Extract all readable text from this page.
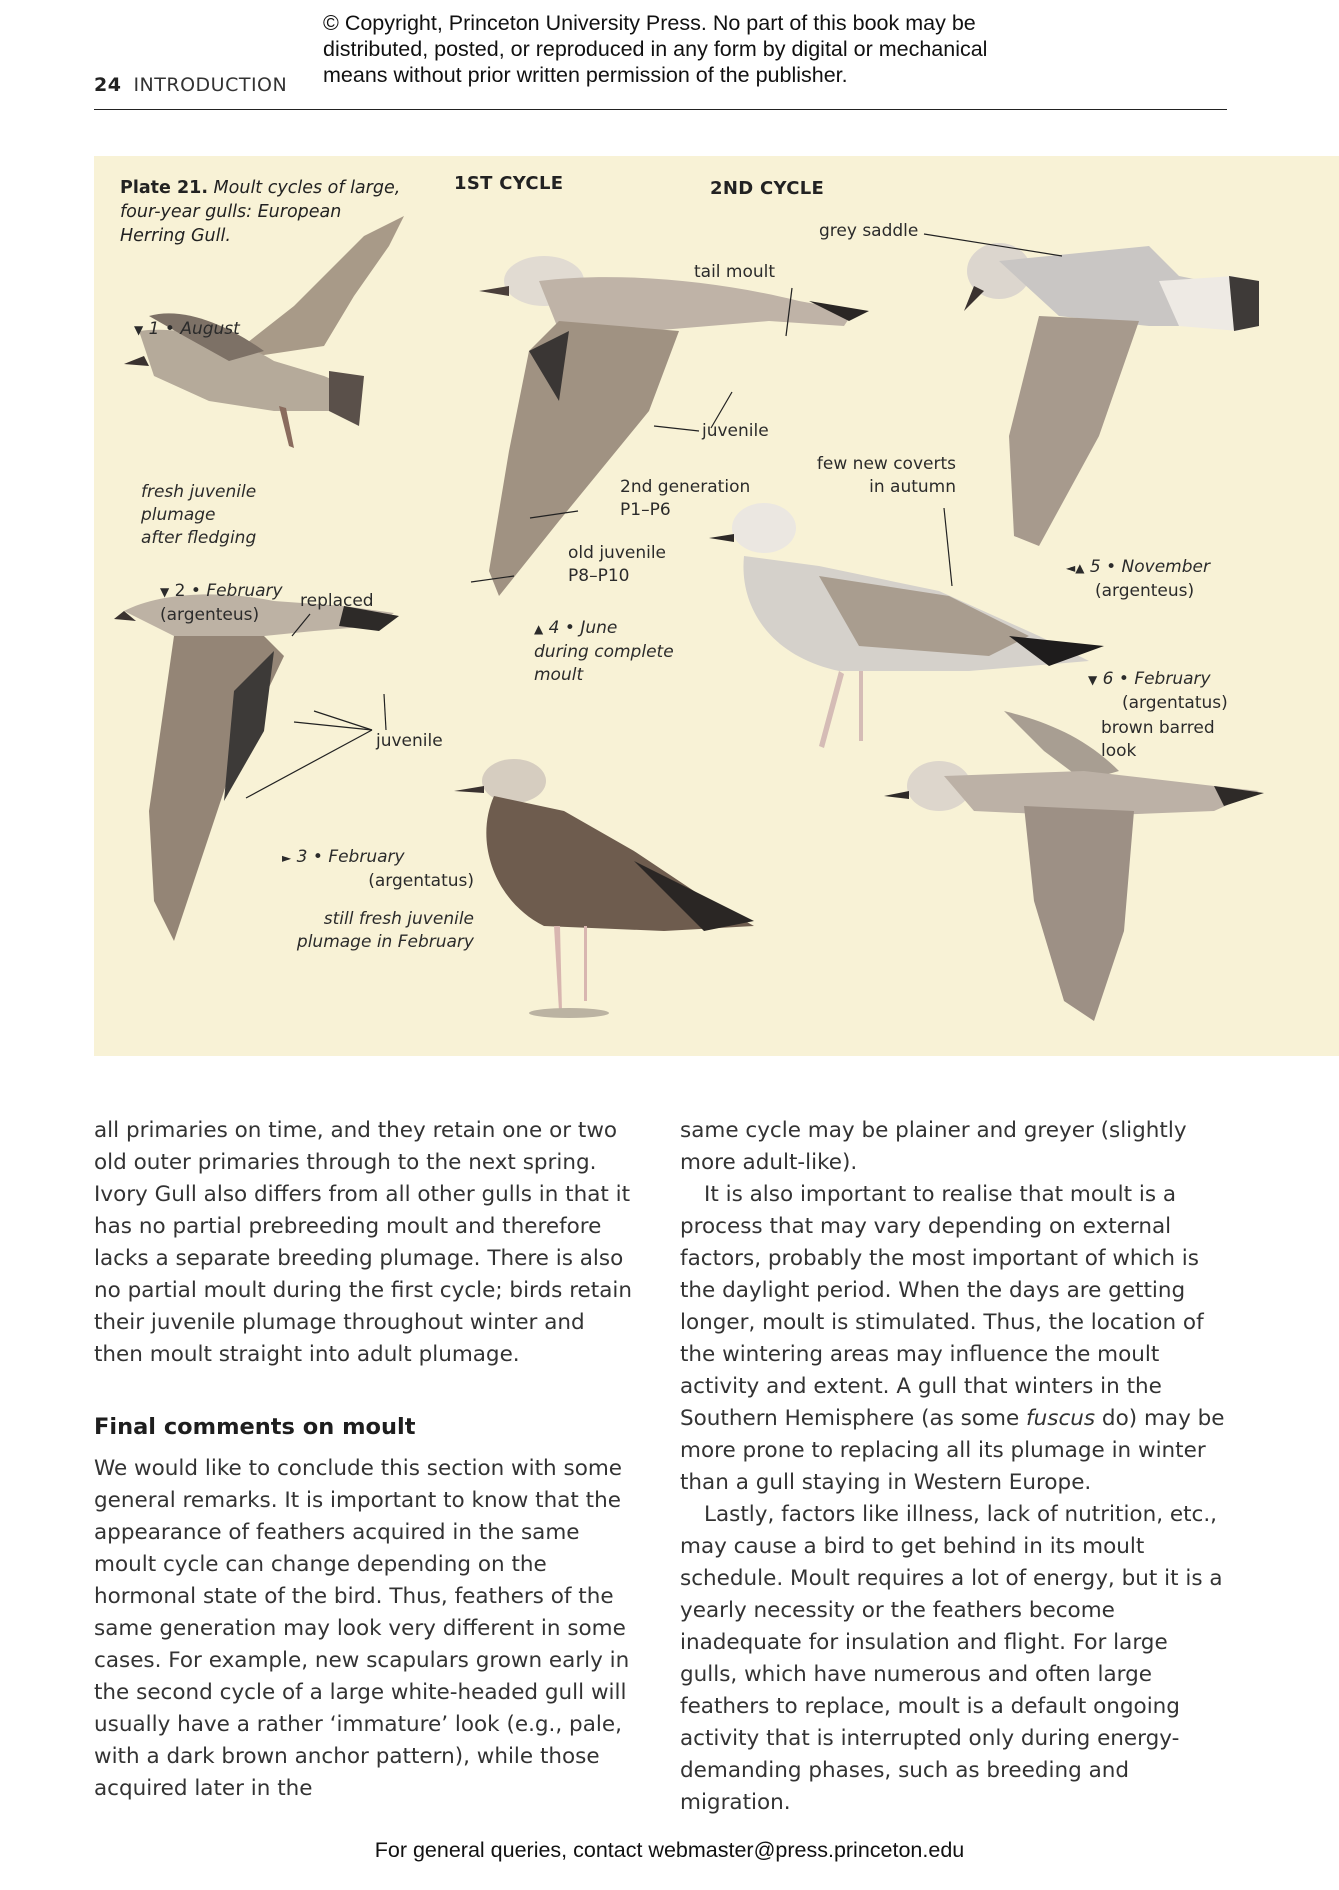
© Copyright, Princeton University Press. No part of this book may be
distributed, posted, or reproduced in any form by digital or mechanical
means without prior written permission of the publisher.
24 INTRODUCTION
Plate 21. Moult cycles of large,
four-year gulls: European
Herring Gull.
1ST CYCLE	2ND CYCLE
▼ 1 • August
fresh juvenile
plumage
after fledging
▼ 2 • February
(argenteus)
replaced
juvenile
► 3 • February
(argentatus)
still fresh juvenile
plumage in February
tail moult
juvenile
2nd generation
P1–P6
old juvenile
P8–P10
▲ 4 • June
during complete
moult
grey saddle
few new coverts
in autumn
◄▲ 5 • November
(argenteus)
▼ 6 • February
(argentatus)
brown barred
look

all primaries on time, and they retain one or two old outer primaries through to the next spring. Ivory Gull also differs from all other gulls in that it has no partial prebreeding moult and therefore lacks a separate breeding plumage. There is also no partial moult during the first cycle; birds retain their juvenile plumage throughout winter and then moult straight into adult plumage.

Final comments on moult

We would like to conclude this section with some general remarks. It is important to know that the appearance of feathers acquired in the same moult cycle can change depending on the hormonal state of the bird. Thus, feathers of the same generation may look very different in some cases. For example, new scapulars grown early in the second cycle of a large white-headed gull will usually have a rather ‘immature’ look (e.g., pale, with a dark brown anchor pattern), while those acquired later in the

same cycle may be plainer and greyer (slightly more adult-like).

It is also important to realise that moult is a process that may vary depending on external factors, probably the most important of which is the daylight period. When the days are getting longer, moult is stimulated. Thus, the location of the wintering areas may influence the moult activity and extent. A gull that winters in the Southern Hemisphere (as some fuscus do) may be more prone to replacing all its plumage in winter than a gull staying in Western Europe.

Lastly, factors like illness, lack of nutrition, etc., may cause a bird to get behind in its moult schedule. Moult requires a lot of energy, but it is a yearly necessity or the feathers become inadequate for insulation and flight. For large gulls, which have numerous and often large feathers to replace, moult is a default ongoing activity that is interrupted only during energy-demanding phases, such as breeding and migration.

For general queries, contact webmaster@press.princeton.edu
